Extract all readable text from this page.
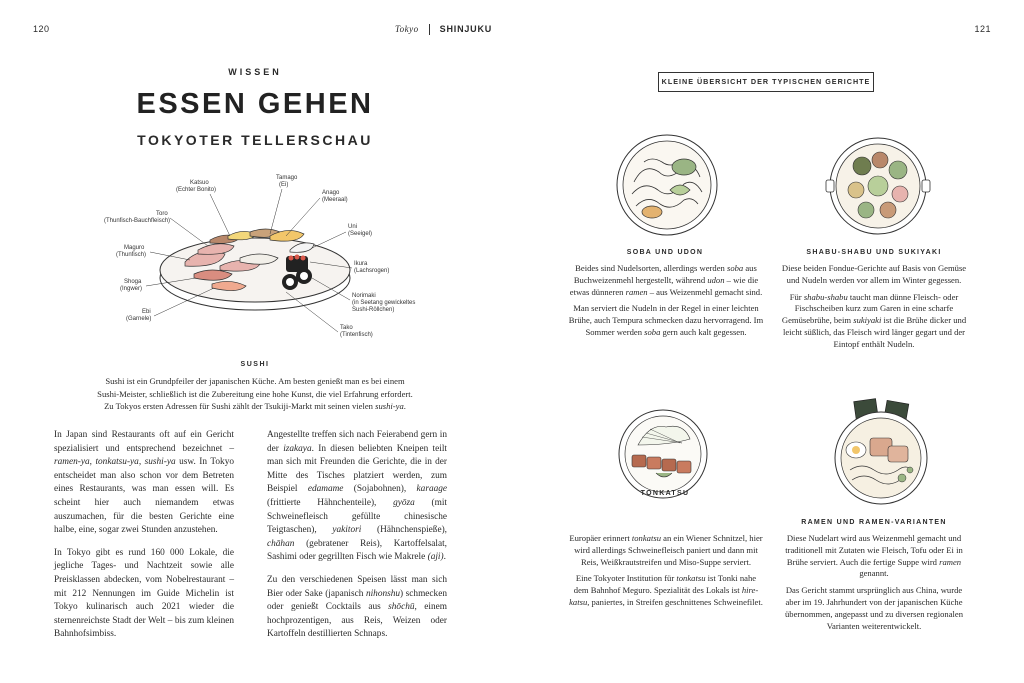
120	Tokyo SHINJUKU	121
WISSEN
ESSEN GEHEN
TOKYOTER TELLERSCHAU
Katsuo
(Echter Bonito)
Tamago
(Ei)
Anago
(Meeraal)
Toro
(Thunfisch-Bauchfleisch)
Uni
(Seeigel)
Maguro
(Thunfisch)
Ikura
(Lachsrogen)
Shoga
(Ingwer)
Norimaki
(in Seetang gewickeltes
Sushi-Röllchen)
Ebi
(Garnele)
Tako
(Tintenfisch)
SUSHI
Sushi ist ein Grundpfeiler der japanischen Küche. Am besten genießt man es bei einem
Sushi-Meister, schließlich ist die Zubereitung eine hohe Kunst, die viel Erfahrung erfordert.
Zu Tokyos ersten Adressen für Sushi zählt der Tsukiji-Markt mit seinen vielen sushi-ya.

In Japan sind Restaurants oft auf ein Gericht spezialisiert und entsprechend bezeichnet – ramen-ya, tonkatsu-ya, sushi-ya usw. In Tokyo entscheidet man also schon vor dem Betreten eines Restaurants, was man essen will. Es scheint hier auch niemandem etwas auszumachen, für die besten Gerichte eine halbe, eine, sogar zwei Stunden anzustehen.

In Tokyo gibt es rund 160 000 Lokale, die jegliche Tages- und Nachtzeit sowie alle Preisklassen abdecken, vom Nobelrestaurant – mit 212 Nennungen im Guide Michelin ist Tokyo kulinarisch auch 2021 wieder die sternenreichste Stadt der Welt – bis zum kleinen Bahnhofsimbiss.

Angestellte treffen sich nach Feierabend gern in der izakaya. In diesen beliebten Kneipen teilt man sich mit Freunden die Gerichte, die in der Mitte des Tisches platziert werden, zum Beispiel edamame (Sojabohnen), karaage (frittierte Hähnchenteile), gyōza (mit Schweinefleisch gefüllte chinesische Teigtaschen), yakitori (Hähnchenspieße), chāhan (gebratener Reis), Kartoffelsalat, Sashimi oder gegrillten Fisch wie Makrele (aji).

Zu den verschiedenen Speisen lässt man sich Bier oder Sake (japanisch nihonshu) schmecken oder genießt Cocktails aus shōchū, einem hochprozentigen, aus Reis, Weizen oder Kartoffeln destillierten Schnaps.

KLEINE ÜBERSICHT DER TYPISCHEN GERICHTE
SOBA UND UDON

Beides sind Nudelsorten, allerdings werden soba aus Buchweizenmehl hergestellt, während udon – wie die etwas dünneren ramen – aus Weizenmehl gemacht sind.

Man serviert die Nudeln in der Regel in einer leichten Brühe, auch Tempura schmecken dazu hervorragend. Im Sommer werden soba gern auch kalt gegessen.

SHABU-SHABU UND SUKIYAKI

Diese beiden Fondue-Gerichte auf Basis von Gemüse und Nudeln werden vor allem im Winter gegessen.

Für shabu-shabu taucht man dünne Fleisch- oder Fischscheiben kurz zum Garen in eine scharfe Gemüsebrühe, beim sukiyaki ist die Brühe dicker und leicht süßlich, das Fleisch wird länger gegart und der Eintopf enthält Nudeln.

TONKATSU

Europäer erinnert tonkatsu an ein Wiener Schnitzel, hier wird allerdings Schweinefleisch paniert und dann mit Reis, Weißkrautstreifen und Miso-Suppe serviert.

Eine Tokyoter Institution für tonkatsu ist Tonki nahe dem Bahnhof Meguro. Spezialität des Lokals ist hire-katsu, paniertes, in Streifen geschnittenes Schweinefilet.

RAMEN UND RAMEN-VARIANTEN

Diese Nudelart wird aus Weizenmehl gemacht und traditionell mit Zutaten wie Fleisch, Tofu oder Ei in Brühe serviert. Auch die fertige Suppe wird ramen genannt.

Das Gericht stammt ursprünglich aus China, wurde aber im 19. Jahrhundert von der japanischen Küche übernommen, angepasst und zu diversen regionalen Varianten weiterentwickelt.
